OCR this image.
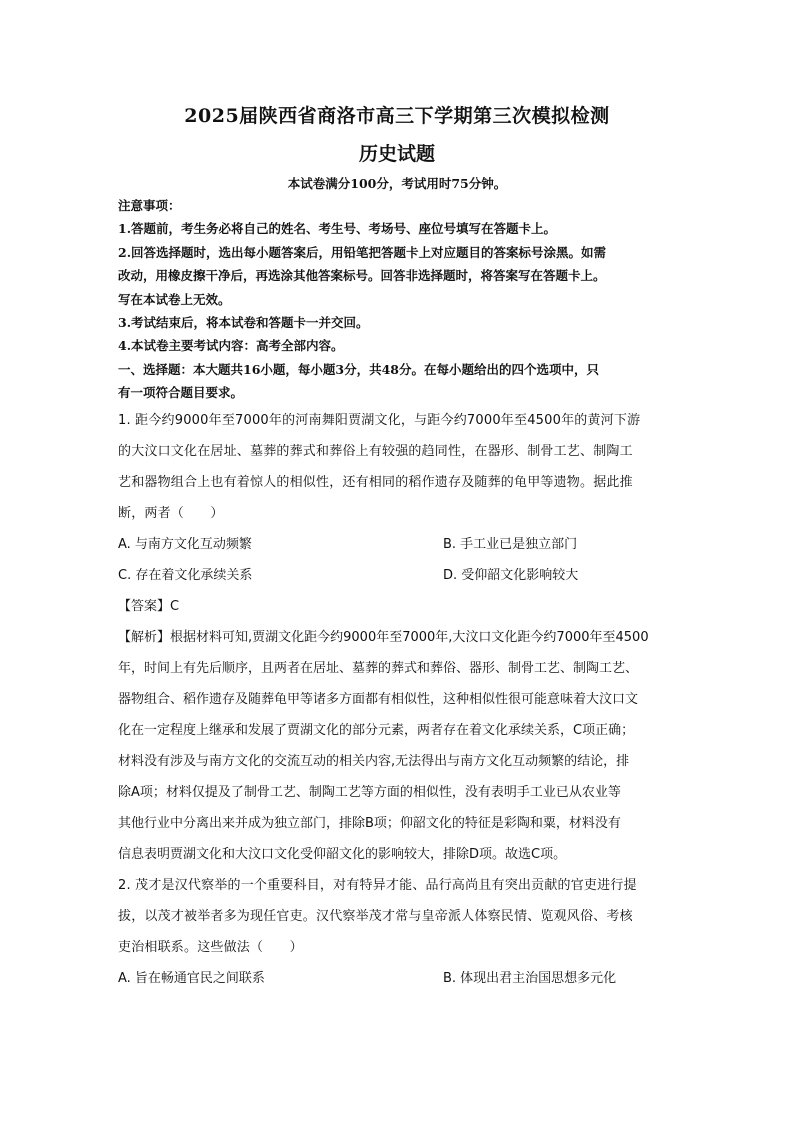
2025届陕西省商洛市高三下学期第三次模拟检测
历史试题

本试卷满分100分，考试用时75分钟。

注意事项：

1.答题前，考生务必将自己的姓名、考生号、考场号、座位号填写在答题卡上。

2.回答选择题时，选出每小题答案后，用铅笔把答题卡上对应题目的答案标号涂黑。如需

改动，用橡皮擦干净后，再选涂其他答案标号。回答非选择题时，将答案写在答题卡上。

写在本试卷上无效。

3.考试结束后，将本试卷和答题卡一并交回。

4.本试卷主要考试内容：高考全部内容。

一、选择题：本大题共16小题，每小题3分，共48分。在每小题给出的四个选项中，只
有一项符合题目要求。

1. 距今约9000年至7000年的河南舞阳贾湖文化，与距今约7000年至4500年的黄河下游

的大汶口文化在居址、墓葬的葬式和葬俗上有较强的趋同性，在器形、制骨工艺、制陶工

艺和器物组合上也有着惊人的相似性，还有相同的稻作遗存及随葬的龟甲等遗物。据此推

断，两者（　　）

A. 与南方文化互动频繁	B. 手工业已是独立部门
C. 存在着文化承续关系	D. 受仰韶文化影响较大

【答案】C

【解析】根据材料可知,贾湖文化距今约9000年至7000年,大汶口文化距今约7000年至4500
年，时间上有先后顺序，且两者在居址、墓葬的葬式和葬俗、器形、制骨工艺、制陶工艺、
器物组合、稻作遗存及随葬龟甲等诸多方面都有相似性，这种相似性很可能意味着大汶口文
化在一定程度上继承和发展了贾湖文化的部分元素，两者存在着文化承续关系，C项正确；
材料没有涉及与南方文化的交流互动的相关内容,无法得出与南方文化互动频繁的结论，排
除A项；材料仅提及了制骨工艺、制陶工艺等方面的相似性，没有表明手工业已从农业等
其他行业中分离出来并成为独立部门，排除B项；仰韶文化的特征是彩陶和粟，材料没有
信息表明贾湖文化和大汶口文化受仰韶文化的影响较大，排除D项。故选C项。

2. 茂才是汉代察举的一个重要科目，对有特异才能、品行高尚且有突出贡献的官吏进行提

拔，以茂才被举者多为现任官吏。汉代察举茂才常与皇帝派人体察民情、览观风俗、考核

吏治相联系。这些做法（　　）

A. 旨在畅通官民之间联系	B. 体现出君主治国思想多元化
